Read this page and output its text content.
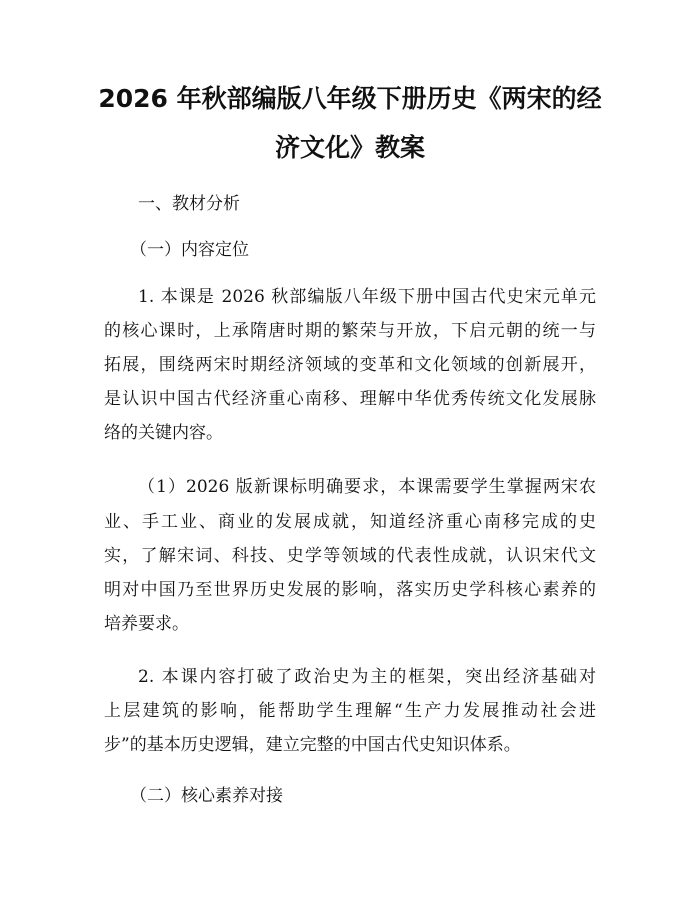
2026 年秋部编版八年级下册历史《两宋的经
济文化》教案
一、教材分析
（一）内容定位
1. 本课是 2026 秋部编版八年级下册中国古代史宋元单元
的核心课时，上承隋唐时期的繁荣与开放，下启元朝的统一与
拓展，围绕两宋时期经济领域的变革和文化领域的创新展开，
是认识中国古代经济重心南移、理解中华优秀传统文化发展脉
络的关键内容。
（1）2026 版新课标明确要求，本课需要学生掌握两宋农
业、手工业、商业的发展成就，知道经济重心南移完成的史
实，了解宋词、科技、史学等领域的代表性成就，认识宋代文
明对中国乃至世界历史发展的影响，落实历史学科核心素养的
培养要求。
2. 本课内容打破了政治史为主的框架，突出经济基础对
上层建筑的影响，能帮助学生理解“生产力发展推动社会进
步”的基本历史逻辑，建立完整的中国古代史知识体系。
（二）核心素养对接
